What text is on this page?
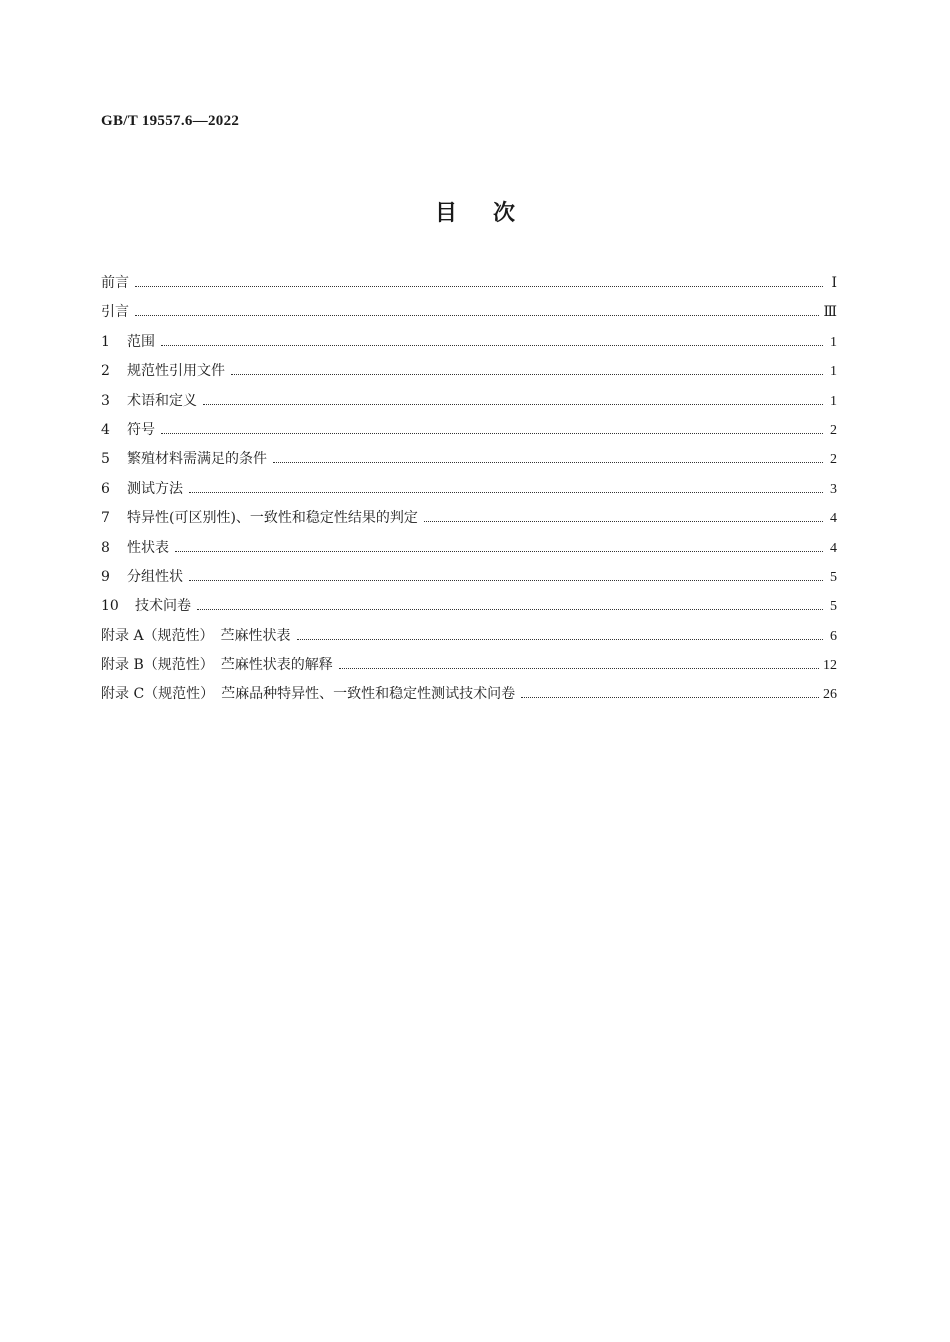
GB/T 19557.6—2022
目次
前言	Ⅰ
引言	Ⅲ
1	范围	1
2	规范性引用文件	1
3	术语和定义	1
4	符号	2
5	繁殖材料需满足的条件	2
6	测试方法	3
7	特异性(可区别性)、一致性和稳定性结果的判定	4
8	性状表	4
9	分组性状	5
10	技术问卷	5
附录 A（规范性）　苎麻性状表	6
附录 B（规范性）　苎麻性状表的解释	12
附录 C（规范性）　苎麻品种特异性、一致性和稳定性测试技术问卷	26
